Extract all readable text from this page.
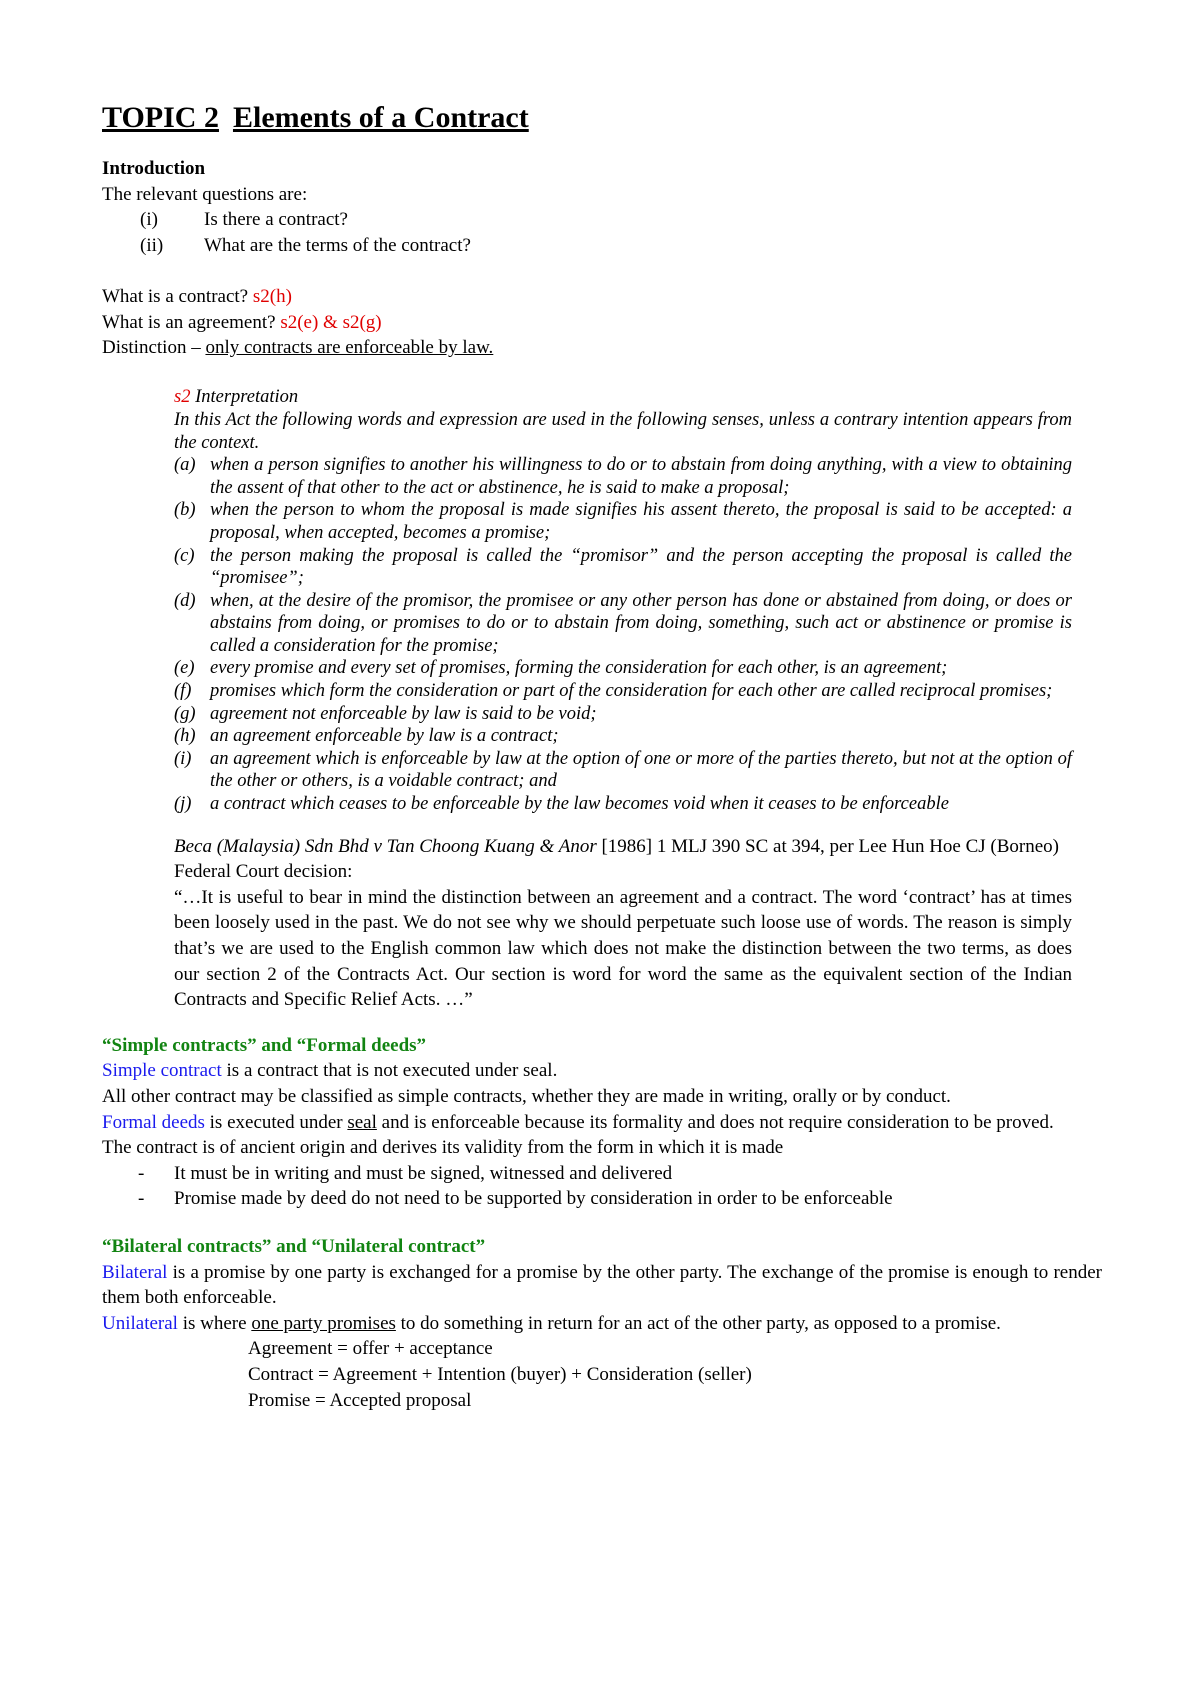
TOPIC 2 Elements of a Contract
Introduction
The relevant questions are:
(i)	Is there a contract?
(ii)	What are the terms of the contract?
What is a contract? s2(h)
What is an agreement? s2(e) & s2(g)
Distinction – only contracts are enforceable by law.
s2 Interpretation
In this Act the following words and expression are used in the following senses, unless a contrary intention appears from the context.
(a) when a person signifies to another his willingness to do or to abstain from doing anything, with a view to obtaining the assent of that other to the act or abstinence, he is said to make a proposal;
(b) when the person to whom the proposal is made signifies his assent thereto, the proposal is said to be accepted: a proposal, when accepted, becomes a promise;
(c) the person making the proposal is called the “promisor” and the person accepting the proposal is called the “promisee”;
(d) when, at the desire of the promisor, the promisee or any other person has done or abstained from doing, or does or abstains from doing, or promises to do or to abstain from doing, something, such act or abstinence or promise is called a consideration for the promise;
(e) every promise and every set of promises, forming the consideration for each other, is an agreement;
(f)	promises which form the consideration or part of the consideration for each other are called reciprocal promises;
(g) agreement not enforceable by law is said to be void;
(h) an agreement enforceable by law is a contract;
(i)	an agreement which is enforceable by law at the option of one or more of the parties thereto, but not at the option of the other or others, is a voidable contract; and
(j)	a contract which ceases to be enforceable by the law becomes void when it ceases to be enforceable
Beca (Malaysia) Sdn Bhd v Tan Choong Kuang & Anor [1986] 1 MLJ 390 SC at 394, per Lee Hun Hoe CJ (Borneo)
Federal Court decision:
“…It is useful to bear in mind the distinction between an agreement and a contract. The word ‘contract’ has at times been loosely used in the past. We do not see why we should perpetuate such loose use of words. The reason is simply that’s we are used to the English common law which does not make the distinction between the two terms, as does our section 2 of the Contracts Act. Our section is word for word the same as the equivalent section of the Indian Contracts and Specific Relief Acts. …”
“Simple contracts” and “Formal deeds”
Simple contract is a contract that is not executed under seal.
All other contract may be classified as simple contracts, whether they are made in writing, orally or by conduct.
Formal deeds is executed under seal and is enforceable because its formality and does not require consideration to be proved.
The contract is of ancient origin and derives its validity from the form in which it is made
-	It must be in writing and must be signed, witnessed and delivered
-	Promise made by deed do not need to be supported by consideration in order to be enforceable
“Bilateral contracts” and “Unilateral contract”
Bilateral is a promise by one party is exchanged for a promise by the other party. The exchange of the promise is enough to render them both enforceable.
Unilateral is where one party promises to do something in return for an act of the other party, as opposed to a promise.
Agreement = offer + acceptance
Contract = Agreement + Intention (buyer) + Consideration (seller)
Promise = Accepted proposal
